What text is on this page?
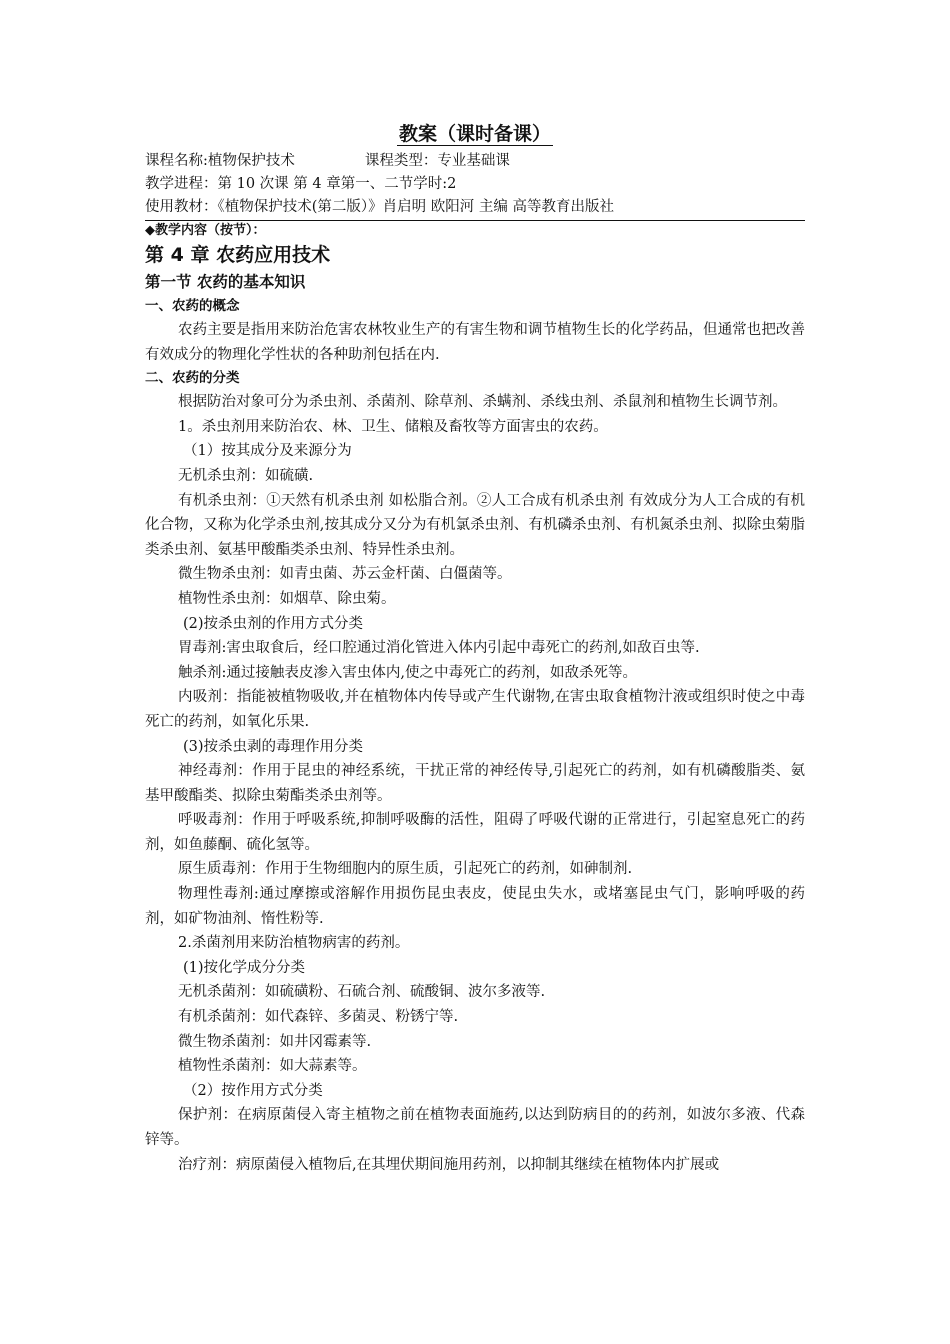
教案（课时备课）
课程名称:植物保护技术	课程类型：专业基础课
教学进程：第 10 次课 第 4 章第一、二节学时:2
使用教材：《植物保护技术(第二版）》肖启明 欧阳河 主编 高等教育出版社
◆教学内容（按节）：
第 4 章 农药应用技术
第一节 农药的基本知识
一、农药的概念
农药主要是指用来防治危害农林牧业生产的有害生物和调节植物生长的化学药品，但通常也把改善有效成分的物理化学性状的各种助剂包括在内.
二、农药的分类
根据防治对象可分为杀虫剂、杀菌剂、除草剂、杀螨剂、杀线虫剂、杀鼠剂和植物生长调节剂。
1。杀虫剂用来防治农、林、卫生、储粮及畜牧等方面害虫的农药。
（1）按其成分及来源分为
无机杀虫剂：如硫磺.
有机杀虫剂：①天然有机杀虫剂 如松脂合剂。②人工合成有机杀虫剂 有效成分为人工合成的有机化合物，又称为化学杀虫剂,按其成分又分为有机氯杀虫剂、有机磷杀虫剂、有机氮杀虫剂、拟除虫菊脂类杀虫剂、氨基甲酸酯类杀虫剂、特异性杀虫剂。
微生物杀虫剂：如青虫菌、苏云金杆菌、白僵菌等。
植物性杀虫剂：如烟草、除虫菊。
(2)按杀虫剂的作用方式分类
胃毒剂:害虫取食后，经口腔通过消化管进入体内引起中毒死亡的药剂,如敌百虫等.
触杀剂:通过接触表皮渗入害虫体内,使之中毒死亡的药剂，如敌杀死等。
内吸剂：指能被植物吸收,并在植物体内传导或产生代谢物,在害虫取食植物汁液或组织时使之中毒死亡的药剂，如氧化乐果.
(3)按杀虫剥的毒理作用分类
神经毒剂：作用于昆虫的神经系统，干扰正常的神经传导,引起死亡的药剂，如有机磷酸脂类、氨基甲酸酯类、拟除虫菊酯类杀虫剂等。
呼吸毒剂：作用于呼吸系统,抑制呼吸酶的活性，阻碍了呼吸代谢的正常进行，引起窒息死亡的药剂，如鱼藤酮、硫化氢等。
原生质毒剂：作用于生物细胞内的原生质，引起死亡的药剂，如砷制剂.
物理性毒剂:通过摩擦或溶解作用损伤昆虫表皮，使昆虫失水，或堵塞昆虫气门，影响呼吸的药剂，如矿物油剂、惰性粉等.
2.杀菌剂用来防治植物病害的药剂。
(1)按化学成分分类
无机杀菌剂：如硫磺粉、石硫合剂、硫酸铜、波尔多液等.
有机杀菌剂：如代森锌、多菌灵、粉锈宁等.
微生物杀菌剂：如井冈霉素等.
植物性杀菌剂：如大蒜素等。
（2）按作用方式分类
保护剂：在病原菌侵入寄主植物之前在植物表面施药,以达到防病目的的药剂，如波尔多液、代森锌等。
治疗剂：病原菌侵入植物后,在其埋伏期间施用药剂，以抑制其继续在植物体内扩展或
